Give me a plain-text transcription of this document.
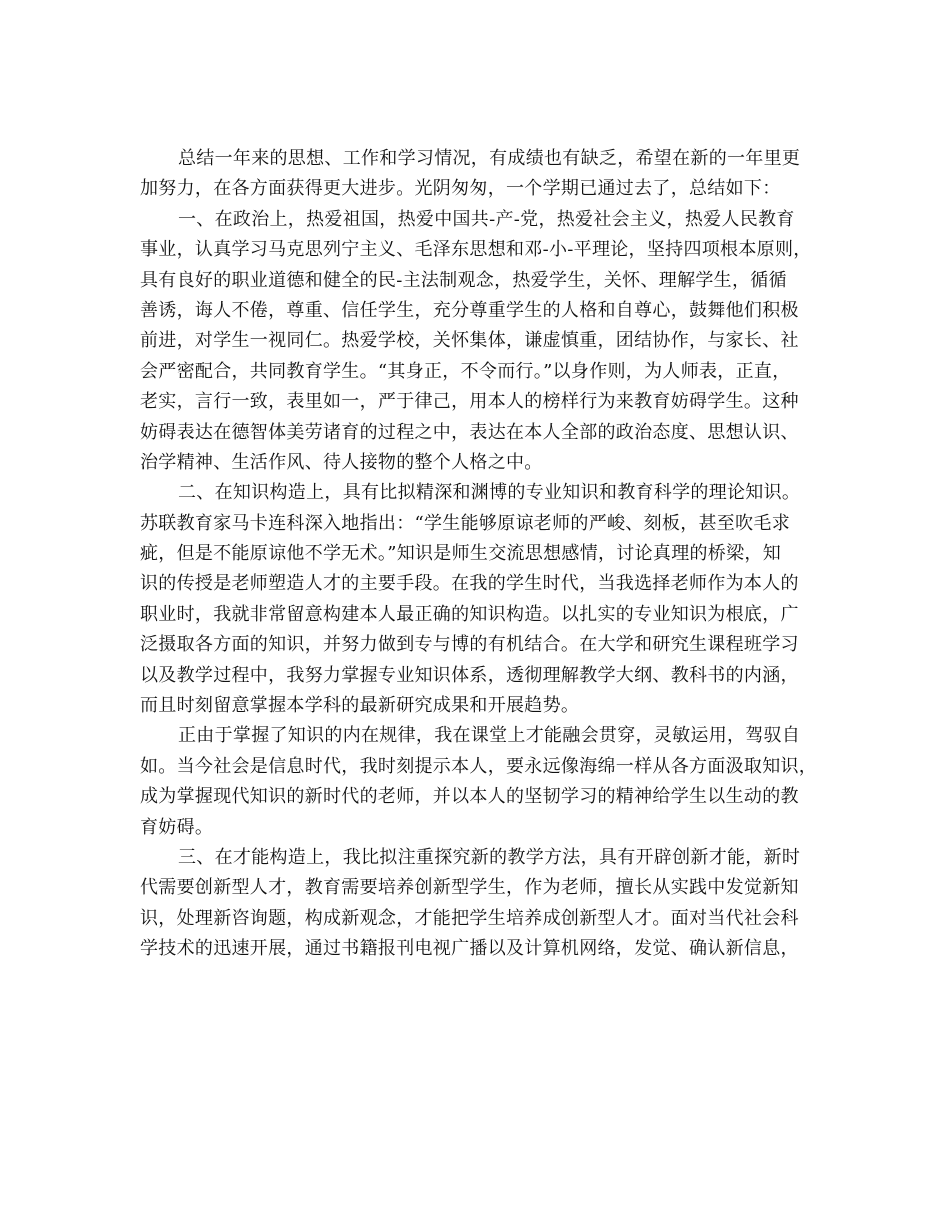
总结一年来的思想、工作和学习情况，有成绩也有缺乏，希望在新的一年里更
加努力，在各方面获得更大进步。光阴匆匆，一个学期已通过去了，总结如下：
一、在政治上，热爱祖国，热爱中国共-产-党，热爱社会主义，热爱人民教育
事业，认真学习马克思列宁主义、毛泽东思想和邓-小-平理论，坚持四项根本原则，
具有良好的职业道德和健全的民-主法制观念，热爱学生，关怀、理解学生，循循
善诱，诲人不倦，尊重、信任学生，充分尊重学生的人格和自尊心，鼓舞他们积极
前进，对学生一视同仁。热爱学校，关怀集体，谦虚慎重，团结协作，与家长、社
会严密配合，共同教育学生。“其身正，不令而行。”以身作则，为人师表，正直，
老实，言行一致，表里如一，严于律己，用本人的榜样行为来教育妨碍学生。这种
妨碍表达在德智体美劳诸育的过程之中，表达在本人全部的政治态度、思想认识、
治学精神、生活作风、待人接物的整个人格之中。
二、在知识构造上，具有比拟精深和渊博的专业知识和教育科学的理论知识。
苏联教育家马卡连科深入地指出：“学生能够原谅老师的严峻、刻板，甚至吹毛求
疵，但是不能原谅他不学无术。”知识是师生交流思想感情，讨论真理的桥梁，知
识的传授是老师塑造人才的主要手段。在我的学生时代，当我选择老师作为本人的
职业时，我就非常留意构建本人最正确的知识构造。以扎实的专业知识为根底，广
泛摄取各方面的知识，并努力做到专与博的有机结合。在大学和研究生课程班学习
以及教学过程中，我努力掌握专业知识体系，透彻理解教学大纲、教科书的内涵，
而且时刻留意掌握本学科的最新研究成果和开展趋势。
正由于掌握了知识的内在规律，我在课堂上才能融会贯穿，灵敏运用，驾驭自
如。当今社会是信息时代，我时刻提示本人，要永远像海绵一样从各方面汲取知识，
成为掌握现代知识的新时代的老师，并以本人的坚韧学习的精神给学生以生动的教
育妨碍。
三、在才能构造上，我比拟注重探究新的教学方法，具有开辟创新才能，新时
代需要创新型人才，教育需要培养创新型学生，作为老师，擅长从实践中发觉新知
识，处理新咨询题，构成新观念，才能把学生培养成创新型人才。面对当代社会科
学技术的迅速开展，通过书籍报刊电视广播以及计算机网络，发觉、确认新信息，
